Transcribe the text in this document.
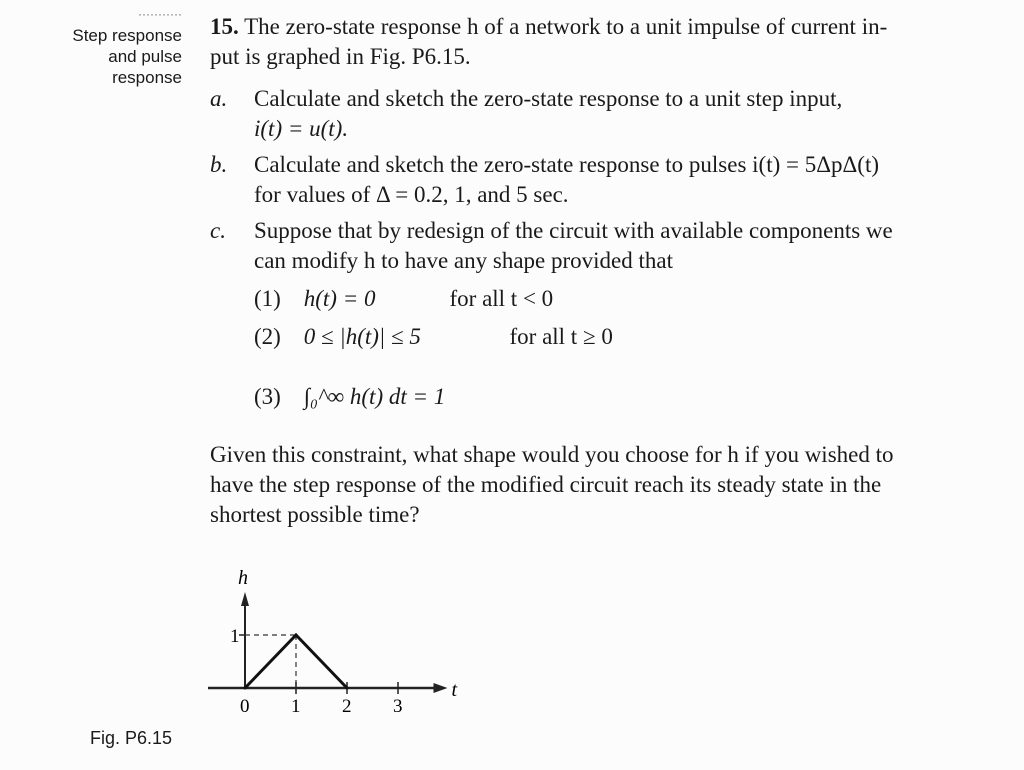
···········
Step response
and pulse
response
15. The zero-state response h of a network to a unit impulse of current in-
put is graphed in Fig. P6.15.
a. Calculate and sketch the zero-state response to a unit step input,
i(t) = u(t).
b. Calculate and sketch the zero-state response to pulses i(t) = 5ΔpΔ(t)
for values of Δ = 0.2, 1, and 5 sec.
c. Suppose that by redesign of the circuit with available components we
can modify h to have any shape provided that
(1) h(t) = 0	for all t < 0
(2) 0 ≤ |h(t)| ≤ 5	for all t ≥ 0
(3) ∫₀^∞ h(t) dt = 1
Given this constraint, what shape would you choose for h if you wished to
have the step response of the modified circuit reach its steady state in the
shortest possible time?
t
h
1
0 1 2 3
Fig. P6.15
